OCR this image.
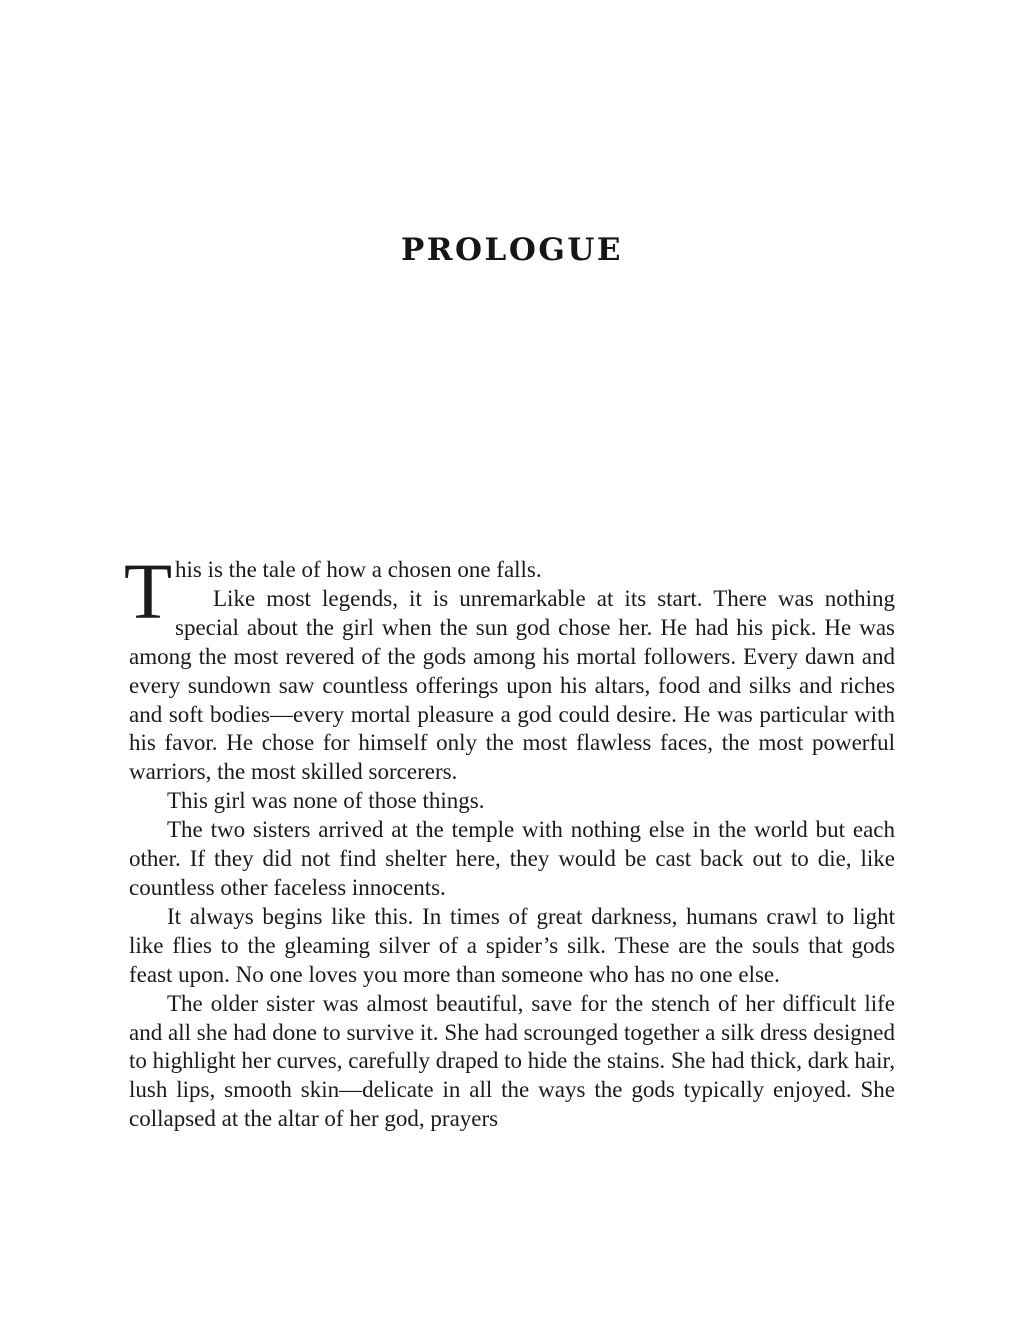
PROLOGUE
T his is the tale of how a chosen one falls.

Like most legends, it is unremarkable at its start. There was nothing special about the girl when the sun god chose her. He had his pick. He was among the most revered of the gods among his mortal followers. Every dawn and every sundown saw countless offerings upon his altars, food and silks and riches and soft bodies—every mortal pleasure a god could desire. He was particular with his favor. He chose for himself only the most flawless faces, the most powerful warriors, the most skilled sorcerers.

This girl was none of those things.

The two sisters arrived at the temple with nothing else in the world but each other. If they did not find shelter here, they would be cast back out to die, like countless other faceless innocents.

It always begins like this. In times of great darkness, humans crawl to light like flies to the gleaming silver of a spider’s silk. These are the souls that gods feast upon. No one loves you more than someone who has no one else.

The older sister was almost beautiful, save for the stench of her difficult life and all she had done to survive it. She had scrounged together a silk dress designed to highlight her curves, carefully draped to hide the stains. She had thick, dark hair, lush lips, smooth skin—delicate in all the ways the gods typically enjoyed. She collapsed at the altar of her god, prayers
